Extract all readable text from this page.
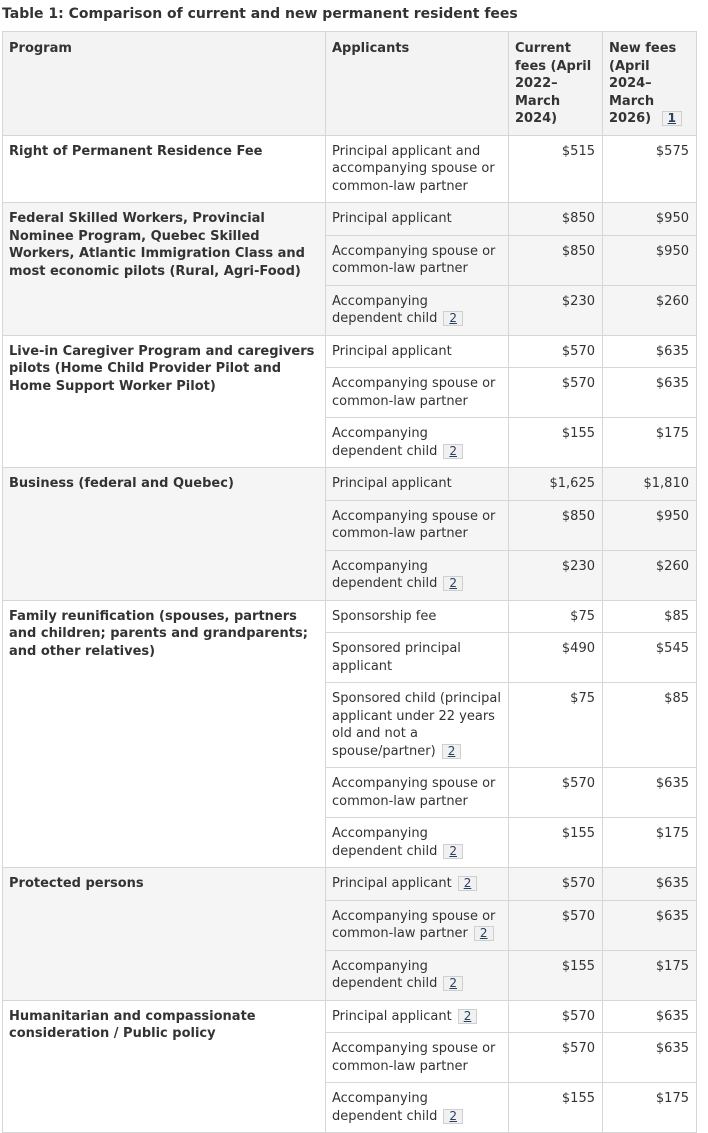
Table 1: Comparison of current and new permanent resident fees
Program	Applicants	Current fees (April 2022–March 2024)	New fees (April 2024–March 2026) 1
Right of Permanent Residence Fee	Principal applicant and accompanying spouse or common-law partner	$515	$575
Federal Skilled Workers, Provincial Nominee Program, Quebec Skilled Workers, Atlantic Immigration Class and most economic pilots (Rural, Agri-Food)	Principal applicant	$850	$950
	Accompanying spouse or common-law partner	$850	$950
	Accompanying dependent child 2	$230	$260
Live-in Caregiver Program and caregivers pilots (Home Child Provider Pilot and Home Support Worker Pilot)	Principal applicant	$570	$635
	Accompanying spouse or common-law partner	$570	$635
	Accompanying dependent child 2	$155	$175
Business (federal and Quebec)	Principal applicant	$1,625	$1,810
	Accompanying spouse or common-law partner	$850	$950
	Accompanying dependent child 2	$230	$260
Family reunification (spouses, partners and children; parents and grandparents; and other relatives)	Sponsorship fee	$75	$85
	Sponsored principal applicant	$490	$545
	Sponsored child (principal applicant under 22 years old and not a spouse/partner) 2	$75	$85
	Accompanying spouse or common-law partner	$570	$635
	Accompanying dependent child 2	$155	$175
Protected persons	Principal applicant 2	$570	$635
	Accompanying spouse or common-law partner 2	$570	$635
	Accompanying dependent child 2	$155	$175
Humanitarian and compassionate consideration / Public policy	Principal applicant 2	$570	$635
	Accompanying spouse or common-law partner	$570	$635
	Accompanying dependent child 2	$155	$175
